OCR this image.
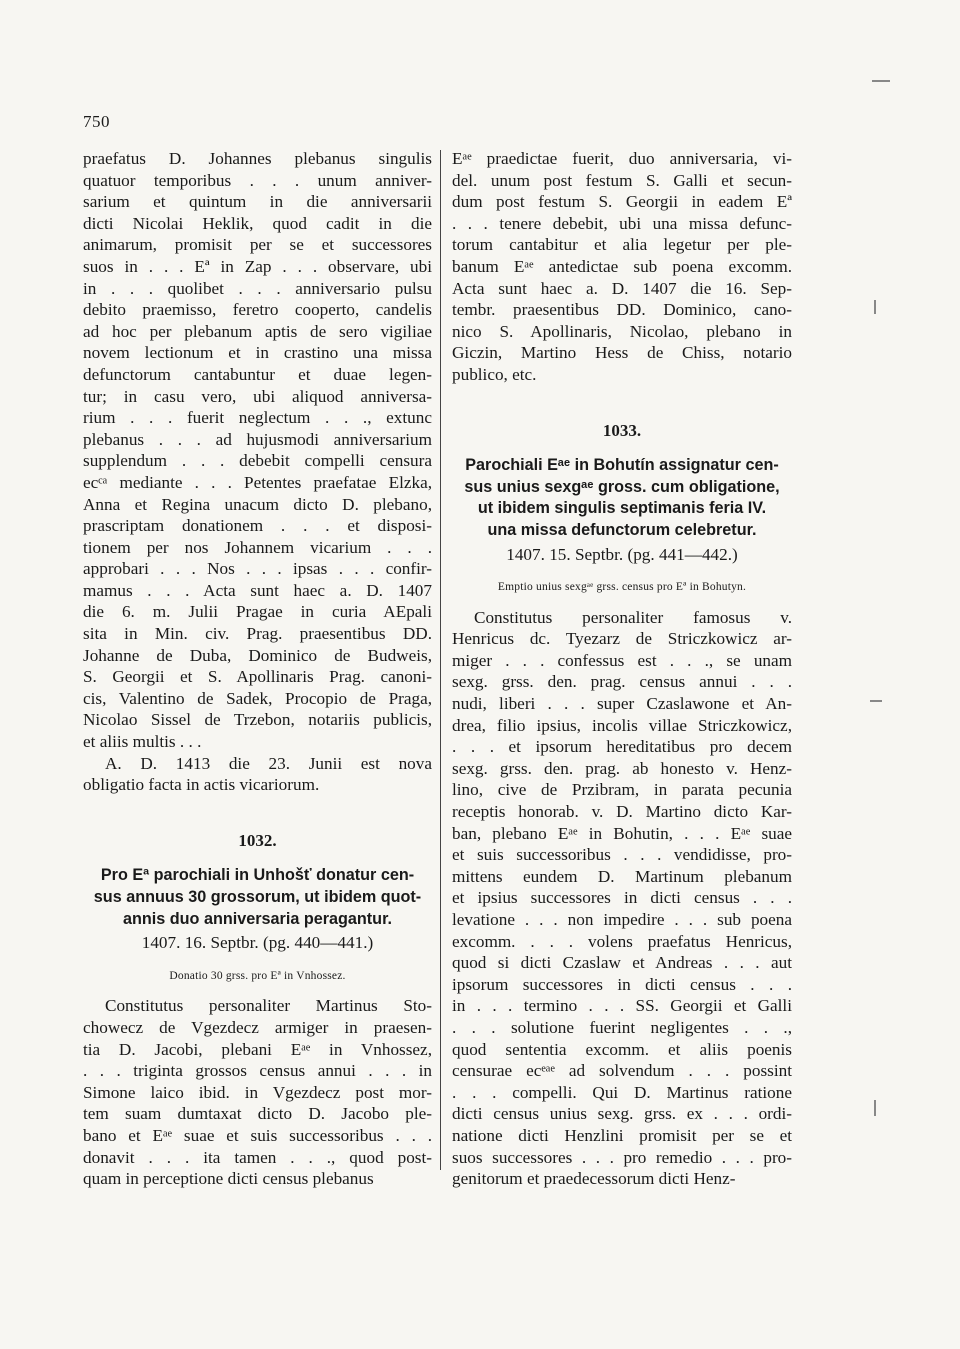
750
praefatus D. Johannes plebanus singulis
quatuor temporibus . . . unum anniver-
sarium et quintum in die anniversarii
dicti Nicolai Heklik, quod cadit in die
animarum, promisit per se et successores
suos in . . . Eª in Zap . . . observare, ubi
in . . . quolibet . . . anniversario pulsu
debito praemisso, feretro cooperto, candelis
ad hoc per plebanum aptis de sero vigiliae
novem lectionum et in crastino una missa
defunctorum cantabuntur et duae legen-
tur; in casu vero, ubi aliquod anniversa-
rium . . . fuerit neglectum . . ., extunc
plebanus . . . ad hujusmodi anniversarium
supplendum . . . debebit compelli censura
ecᶜᵃ mediante . . . Petentes praefatae Elzka,
Anna et Regina unacum dicto D. plebano,
prascriptam donationem . . . et disposi-
tionem per nos Johannem vicarium . . .
approbari . . . Nos . . . ipsas . . . confir-
mamus . . . Acta sunt haec a. D. 1407
die 6. m. Julii Pragae in curia AEpali
sita in Min. civ. Prag. praesentibus DD.
Johanne de Duba, Dominico de Budweis,
S. Georgii et S. Apollinaris Prag. canoni-
cis, Valentino de Sadek, Procopio de Praga,
Nicolao Sissel de Trzebon, notariis publicis,
et aliis multis . . .
A. D. 1413 die 23. Junii est nova
obligatio facta in actis vicariorum.
1032.
Pro Eª parochiali in Unhošť donatur cen-
sus annuus 30 grossorum, ut ibidem quot-
annis duo anniversaria peragantur.
1407. 16. Septbr. (pg. 440—441.)
Donatio 30 grss. pro Eª in Vnhossez.
Constitutus personaliter Martinus Sto-
chowecz de Vgezdecz armiger in praesen-
tia D. Jacobi, plebani Eᵃᵉ in Vnhossez,
. . . triginta grossos census annui . . . in
Simone laico ibid. in Vgezdecz post mor-
tem suam dumtaxat dicto D. Jacobo ple-
bano et Eᵃᵉ suae et suis successoribus . . .
donavit . . . ita tamen . . ., quod post-
quam in perceptione dicti census plebanus
Eᵃᵉ praedictae fuerit, duo anniversaria, vi-
del. unum post festum S. Galli et secun-
dum post festum S. Georgii in eadem Eª
. . . tenere debebit, ubi una missa defunc-
torum cantabitur et alia legetur per ple-
banum Eᵃᵉ antedictae sub poena excomm.
Acta sunt haec a. D. 1407 die 16. Sep-
tembr. praesentibus DD. Dominico, cano-
nico S. Apollinaris, Nicolao, plebano in
Giczin, Martino Hess de Chiss, notario
publico, etc.
1033.
Parochiali Eᵃᵉ in Bohutín assignatur cen-
sus unius sexgᵃᵉ gross. cum obligatione,
ut ibidem singulis septimanis feria IV.
una missa defunctorum celebretur.
1407. 15. Septbr. (pg. 441—442.)
Emptio unius sexgᵃᵉ grss. census pro Eª in Bohutyn.
Constitutus personaliter famosus v.
Henricus dc. Tyezarz de Striczkowicz ar-
miger . . . confessus est . . ., se unam
sexg. grss. den. prag. census annui . . .
nudi, liberi . . . super Czaslawone et An-
drea, filio ipsius, incolis villae Striczkowicz,
. . . et ipsorum hereditatibus pro decem
sexg. grss. den. prag. ab honesto v. Henz-
lino, cive de Przibram, in parata pecunia
receptis honorab. v. D. Martino dicto Kar-
ban, plebano Eᵃᵉ in Bohutin, . . . Eᵃᵉ suae
et suis successoribus . . . vendidisse, pro-
mittens eundem D. Martinum plebanum
et ipsius successores in dicti census . . .
levatione . . . non impedire . . . sub poena
excomm. . . . volens praefatus Henricus,
quod si dicti Czaslaw et Andreas . . . aut
ipsorum successores in dicti census . . .
in . . . termino . . . SS. Georgii et Galli
. . . solutione fuerint negligentes . . .,
quod sententia excomm. et aliis poenis
censurae ecᵉᵃᵉ ad solvendum . . . possint
. . . compelli. Qui D. Martinus ratione
dicti census unius sexg. grss. ex . . . ordi-
natione dicti Henzlini promisit per se et
suos successores . . . pro remedio . . . pro-
genitorum et praedecessorum dicti Henz-
